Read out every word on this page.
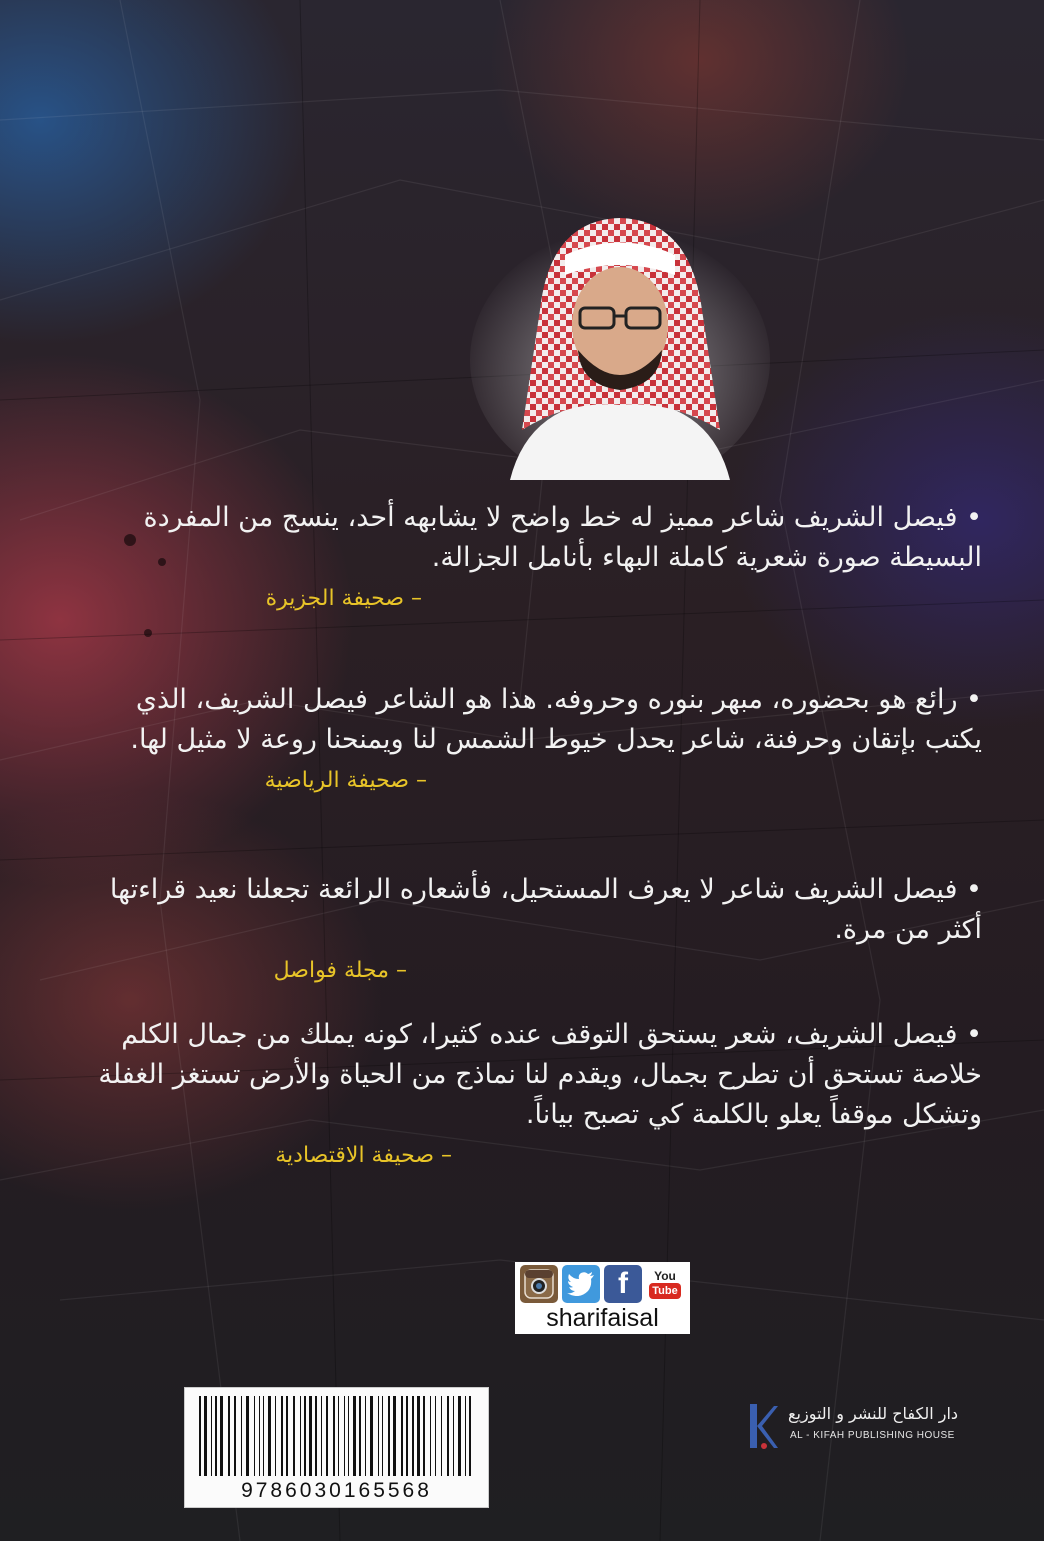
• فيصل الشريف شاعر مميز له خط واضح لا يشابهه أحد، ينسج من المفردة البسيطة صورة شعرية كاملة البهاء بأنامل الجزالة.

– صحيفة الجزيرة

• رائع هو بحضوره، مبهر بنوره وحروفه. هذا هو الشاعر فيصل الشريف، الذي يكتب بإتقان وحرفنة، شاعر يحدل خيوط الشمس لنا ويمنحنا روعة لا مثيل لها.

– صحيفة الرياضية

• فيصل الشريف شاعر لا يعرف المستحيل، فأشعاره الرائعة تجعلنا نعيد قراءتها أكثر من مرة.

– مجلة فواصل

• فيصل الشريف، شعر يستحق التوقف عنده كثيرا، كونه يملك من جمال الكلم خلاصة تستحق أن تطرح بجمال، ويقدم لنا نماذج من الحياة والأرض تستغز الغفلة وتشكل موقفاً يعلو بالكلمة كي تصبح بياناً.

– صحيفة الاقتصادية
f	You
Tube
sharifaisal
دار الكفاح للنشر و التوزيع
AL - KIFAH PUBLISHING HOUSE
9786030165568
